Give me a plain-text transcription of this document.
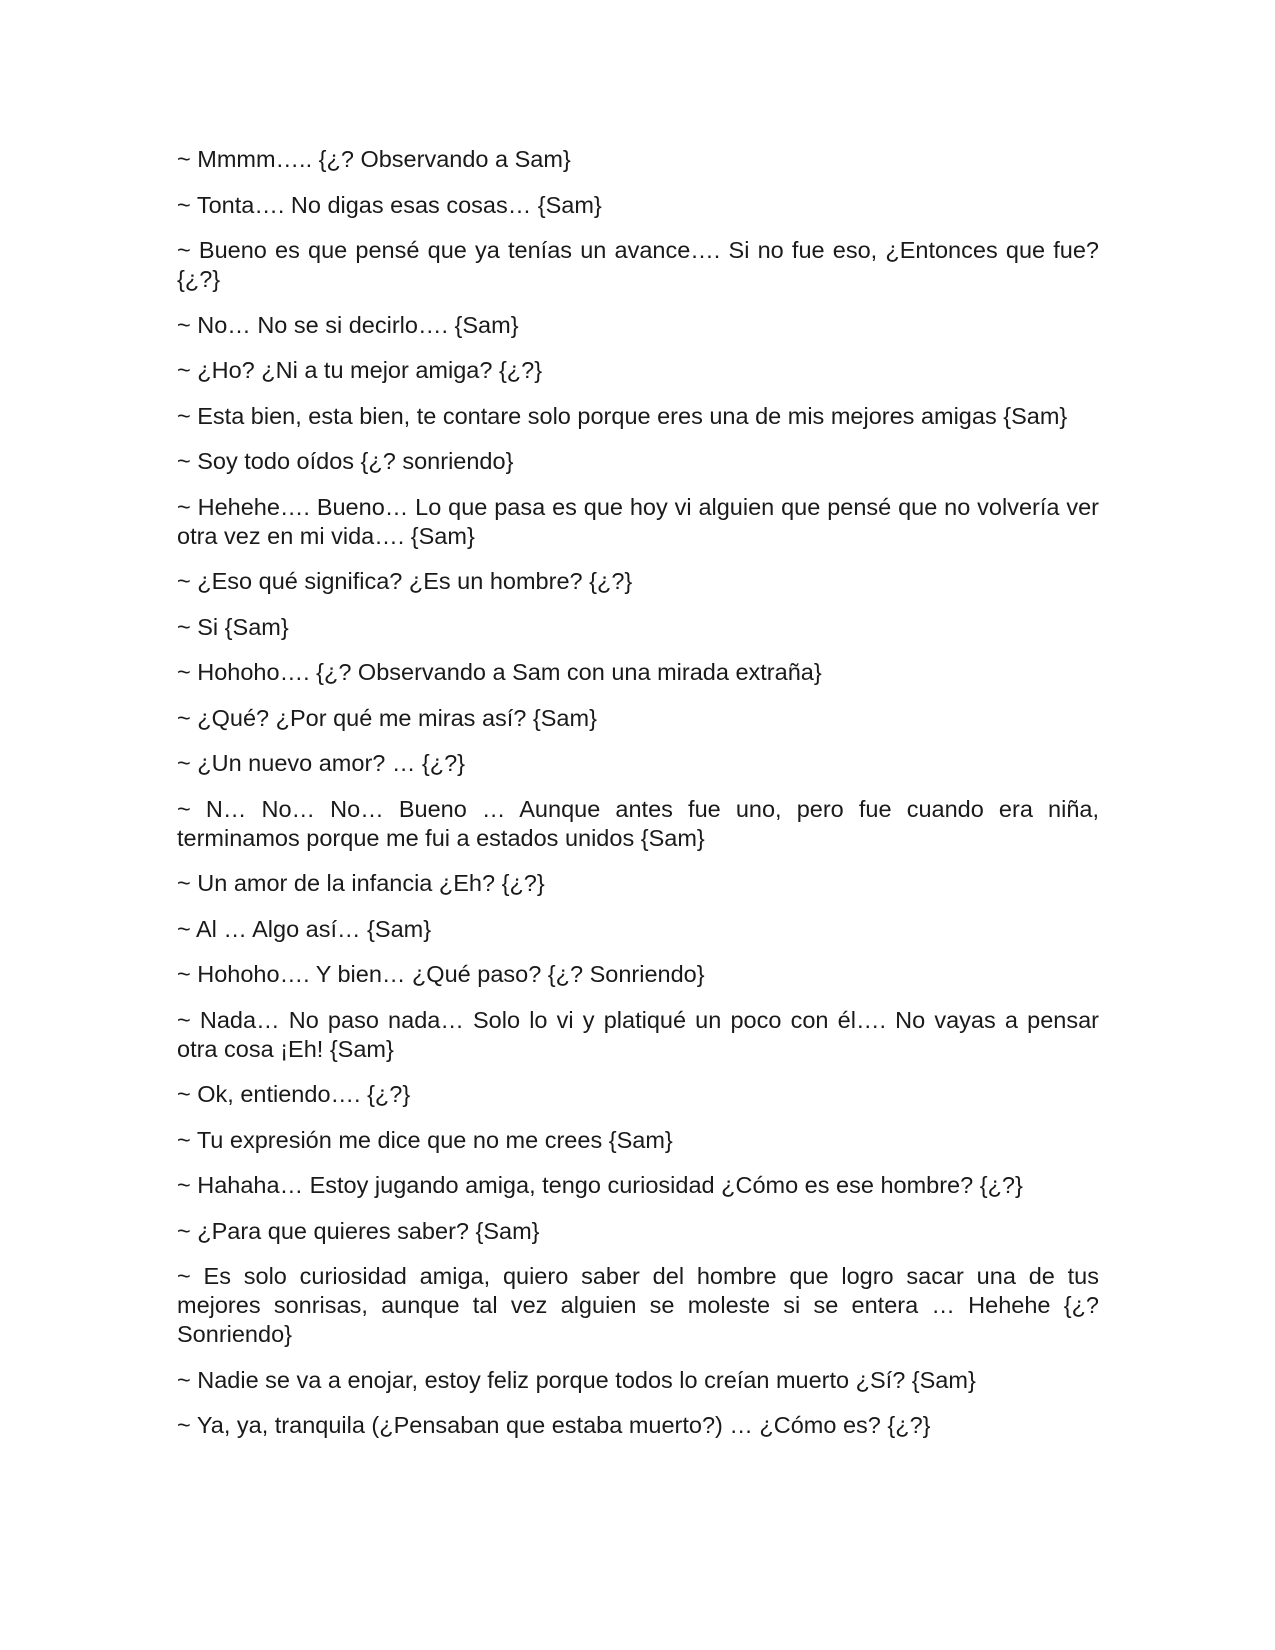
~ Mmmm….. {¿? Observando a Sam}

~ Tonta…. No digas esas cosas… {Sam}

~ Bueno es que pensé que ya tenías un avance…. Si no fue eso, ¿Entonces que fue? {¿?}

~ No… No se si decirlo…. {Sam}

~ ¿Ho? ¿Ni a tu mejor amiga? {¿?}

~ Esta bien, esta bien, te contare solo porque eres una de mis mejores amigas {Sam}

~ Soy todo oídos {¿? sonriendo}

~ Hehehe…. Bueno… Lo que pasa es que hoy vi alguien que pensé que no volvería ver otra vez en mi vida…. {Sam}

~ ¿Eso qué significa? ¿Es un hombre? {¿?}

~ Si {Sam}

~ Hohoho…. {¿? Observando a Sam con una mirada extraña}

~ ¿Qué? ¿Por qué me miras así? {Sam}

~ ¿Un nuevo amor? … {¿?}

~ N… No… No… Bueno … Aunque antes fue uno, pero fue cuando era niña, terminamos porque me fui a estados unidos {Sam}

~ Un amor de la infancia ¿Eh? {¿?}

~ Al … Algo así… {Sam}

~ Hohoho…. Y bien… ¿Qué paso? {¿? Sonriendo}

~ Nada… No paso nada… Solo lo vi y platiqué un poco con él…. No vayas a pensar otra cosa ¡Eh! {Sam}

~ Ok, entiendo…. {¿?}

~ Tu expresión me dice que no me crees {Sam}

~ Hahaha… Estoy jugando amiga, tengo curiosidad ¿Cómo es ese hombre? {¿?}

~ ¿Para que quieres saber? {Sam}

~ Es solo curiosidad amiga, quiero saber del hombre que logro sacar una de tus mejores sonrisas, aunque tal vez alguien se moleste si se entera … Hehehe {¿? Sonriendo}

~ Nadie se va a enojar, estoy feliz porque todos lo creían muerto ¿Sí? {Sam}

~ Ya, ya, tranquila (¿Pensaban que estaba muerto?) … ¿Cómo es? {¿?}
